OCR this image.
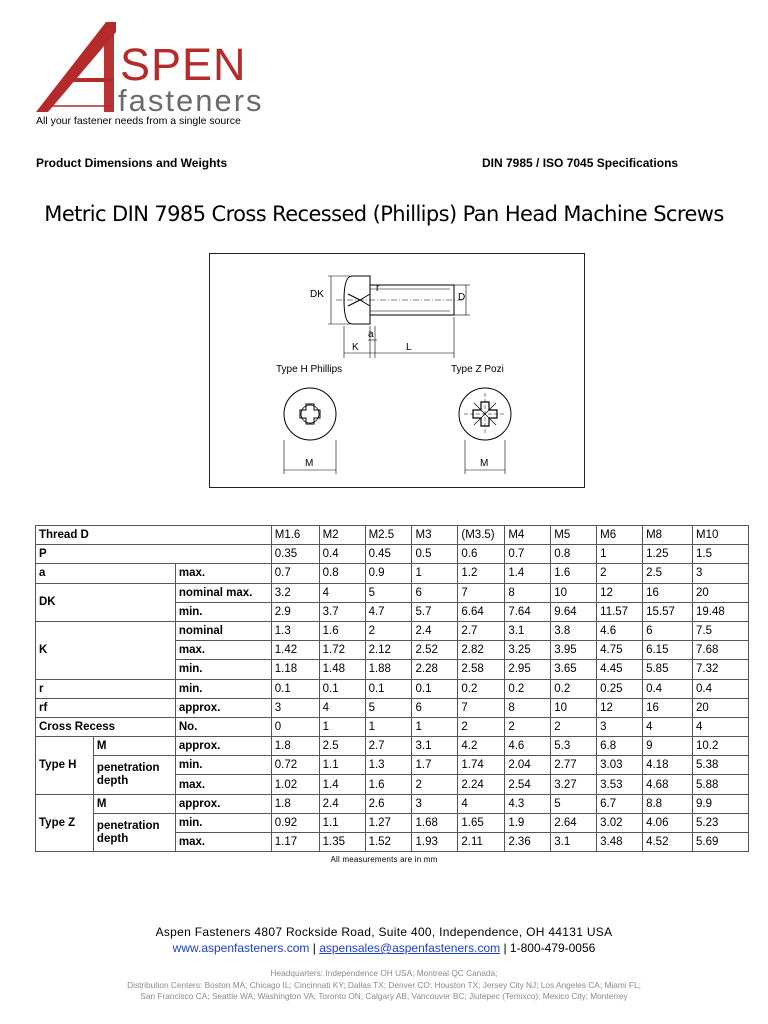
SPEN
fasteners
All your fastener needs from a single source
Product Dimensions and Weights	DIN 7985 / ISO 7045 Specifications
Metric DIN 7985 Cross Recessed (Phillips) Pan Head Machine Screws
DK
r
D
a
K	L
Type H Phillips	Type Z Pozi
M	M
Thread D			M1.6	M2	M2.5	M3	(M3.5)	M4	M5	M6	M8	M10
P			0.35	0.4	0.45	0.5	0.6	0.7	0.8	1	1.25	1.5
a		max.	0.7	0.8	0.9	1	1.2	1.4	1.6	2	2.5	3
DK		nominal max.	3.2	4	5	6	7	8	10	12	16	20
		min.	2.9	3.7	4.7	5.7	6.64	7.64	9.64	11.57	15.57	19.48
K		nominal	1.3	1.6	2	2.4	2.7	3.1	3.8	4.6	6	7.5
		max.	1.42	1.72	2.12	2.52	2.82	3.25	3.95	4.75	6.15	7.68
		min.	1.18	1.48	1.88	2.28	2.58	2.95	3.65	4.45	5.85	7.32
r		min.	0.1	0.1	0.1	0.1	0.2	0.2	0.2	0.25	0.4	0.4
rf		approx.	3	4	5	6	7	8	10	12	16	20
Cross Recess		No.	0	1	1	1	2	2	2	3	4	4
Type H	M	approx.	1.8	2.5	2.7	3.1	4.2	4.6	5.3	6.8	9	10.2
	penetration depth	min.	0.72	1.1	1.3	1.7	1.74	2.04	2.77	3.03	4.18	5.38
		max.	1.02	1.4	1.6	2	2.24	2.54	3.27	3.53	4.68	5.88
Type Z	M	approx.	1.8	2.4	2.6	3	4	4.3	5	6.7	8.8	9.9
	penetration depth	min.	0.92	1.1	1.27	1.68	1.65	1.9	2.64	3.02	4.06	5.23
		max.	1.17	1.35	1.52	1.93	2.11	2.36	3.1	3.48	4.52	5.69
All measurements are in mm
Aspen Fasteners 4807 Rockside Road, Suite 400, Independence, OH 44131 USA
www.aspenfasteners.com | aspensales@aspenfasteners.com | 1-800-479-0056
Headquarters: Independence OH USA; Montreal QC Canada;
Distribution Centers: Boston MA; Chicago IL; Cincinnati KY; Dallas TX; Denver CO; Houston TX; Jersey City NJ; Los Angeles CA; Miami FL;
San Francisco CA; Seattle WA; Washington VA; Toronto ON; Calgary AB; Vancouver BC; Jiutepec (Temixco); Mexico City; Monterrey
